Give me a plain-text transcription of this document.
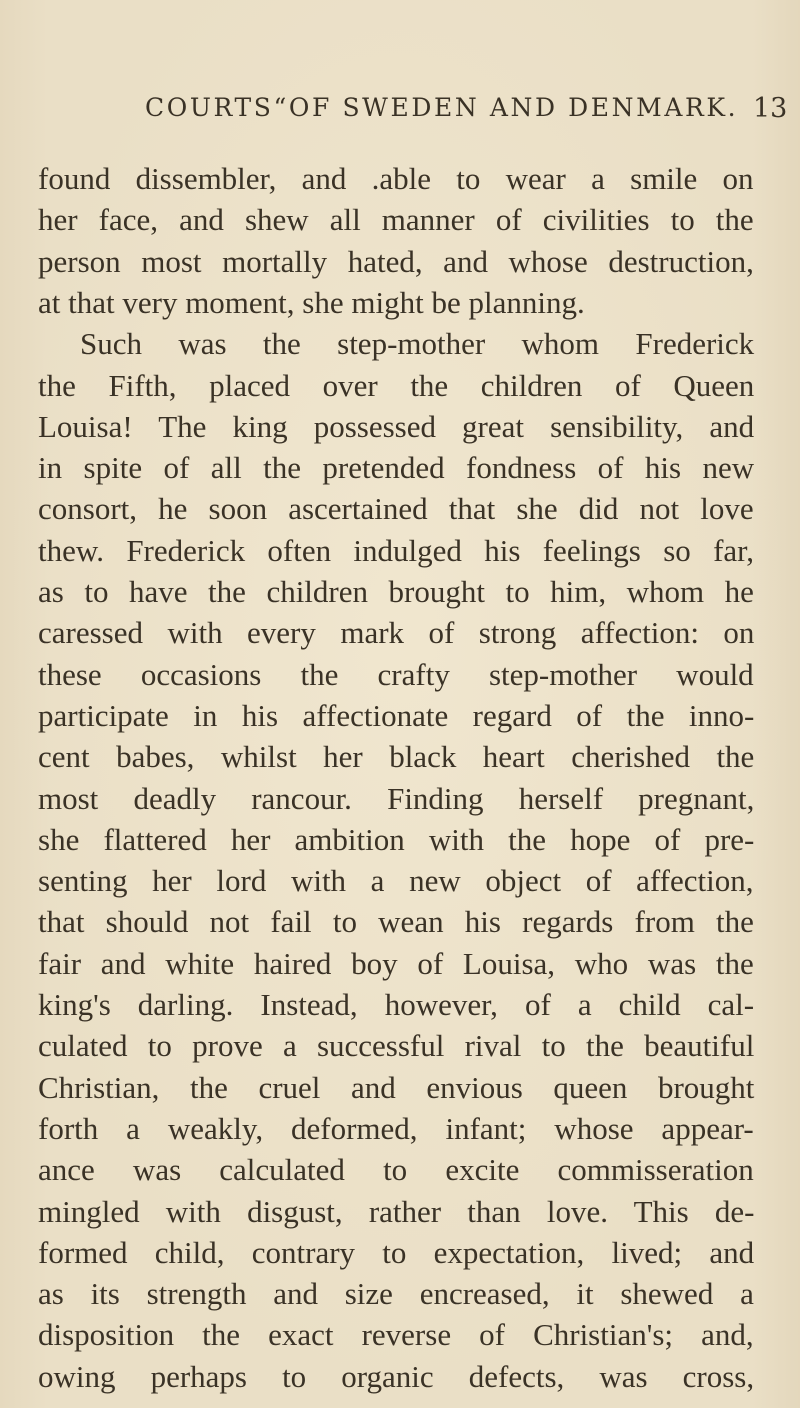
COURTS“OF SWEDEN AND DENMARK. 13
found dissembler, and .able to wear a smile on
her face, and shew all manner of civilities to the
person most mortally hated, and whose destruction,
at that very moment, she might be planning.
Such was the step-mother whom Frederick
the Fifth, placed over the children of Queen
Louisa! The king possessed great sensibility, and
in spite of all the pretended fondness of his new
consort, he soon ascertained that she did not love
thew. Frederick often indulged his feelings so far,
as to have the children brought to him, whom he
caressed with every mark of strong affection: on
these occasions the crafty step-mother would
participate in his affectionate regard of the inno-
cent babes, whilst her black heart cherished the
most deadly rancour. Finding herself pregnant,
she flattered her ambition with the hope of pre-
senting her lord with a new object of affection,
that should not fail to wean his regards from the
fair and white haired boy of Louisa, who was the
king's darling. Instead, however, of a child cal-
culated to prove a successful rival to the beautiful
Christian, the cruel and envious queen brought
forth a weakly, deformed, infant; whose appear-
ance was calculated to excite commisseration
mingled with disgust, rather than love. This de-
formed child, contrary to expectation, lived; and
as its strength and size encreased, it shewed a
disposition the exact reverse of Christian's; and,
owing perhaps to organic defects, was cross,
